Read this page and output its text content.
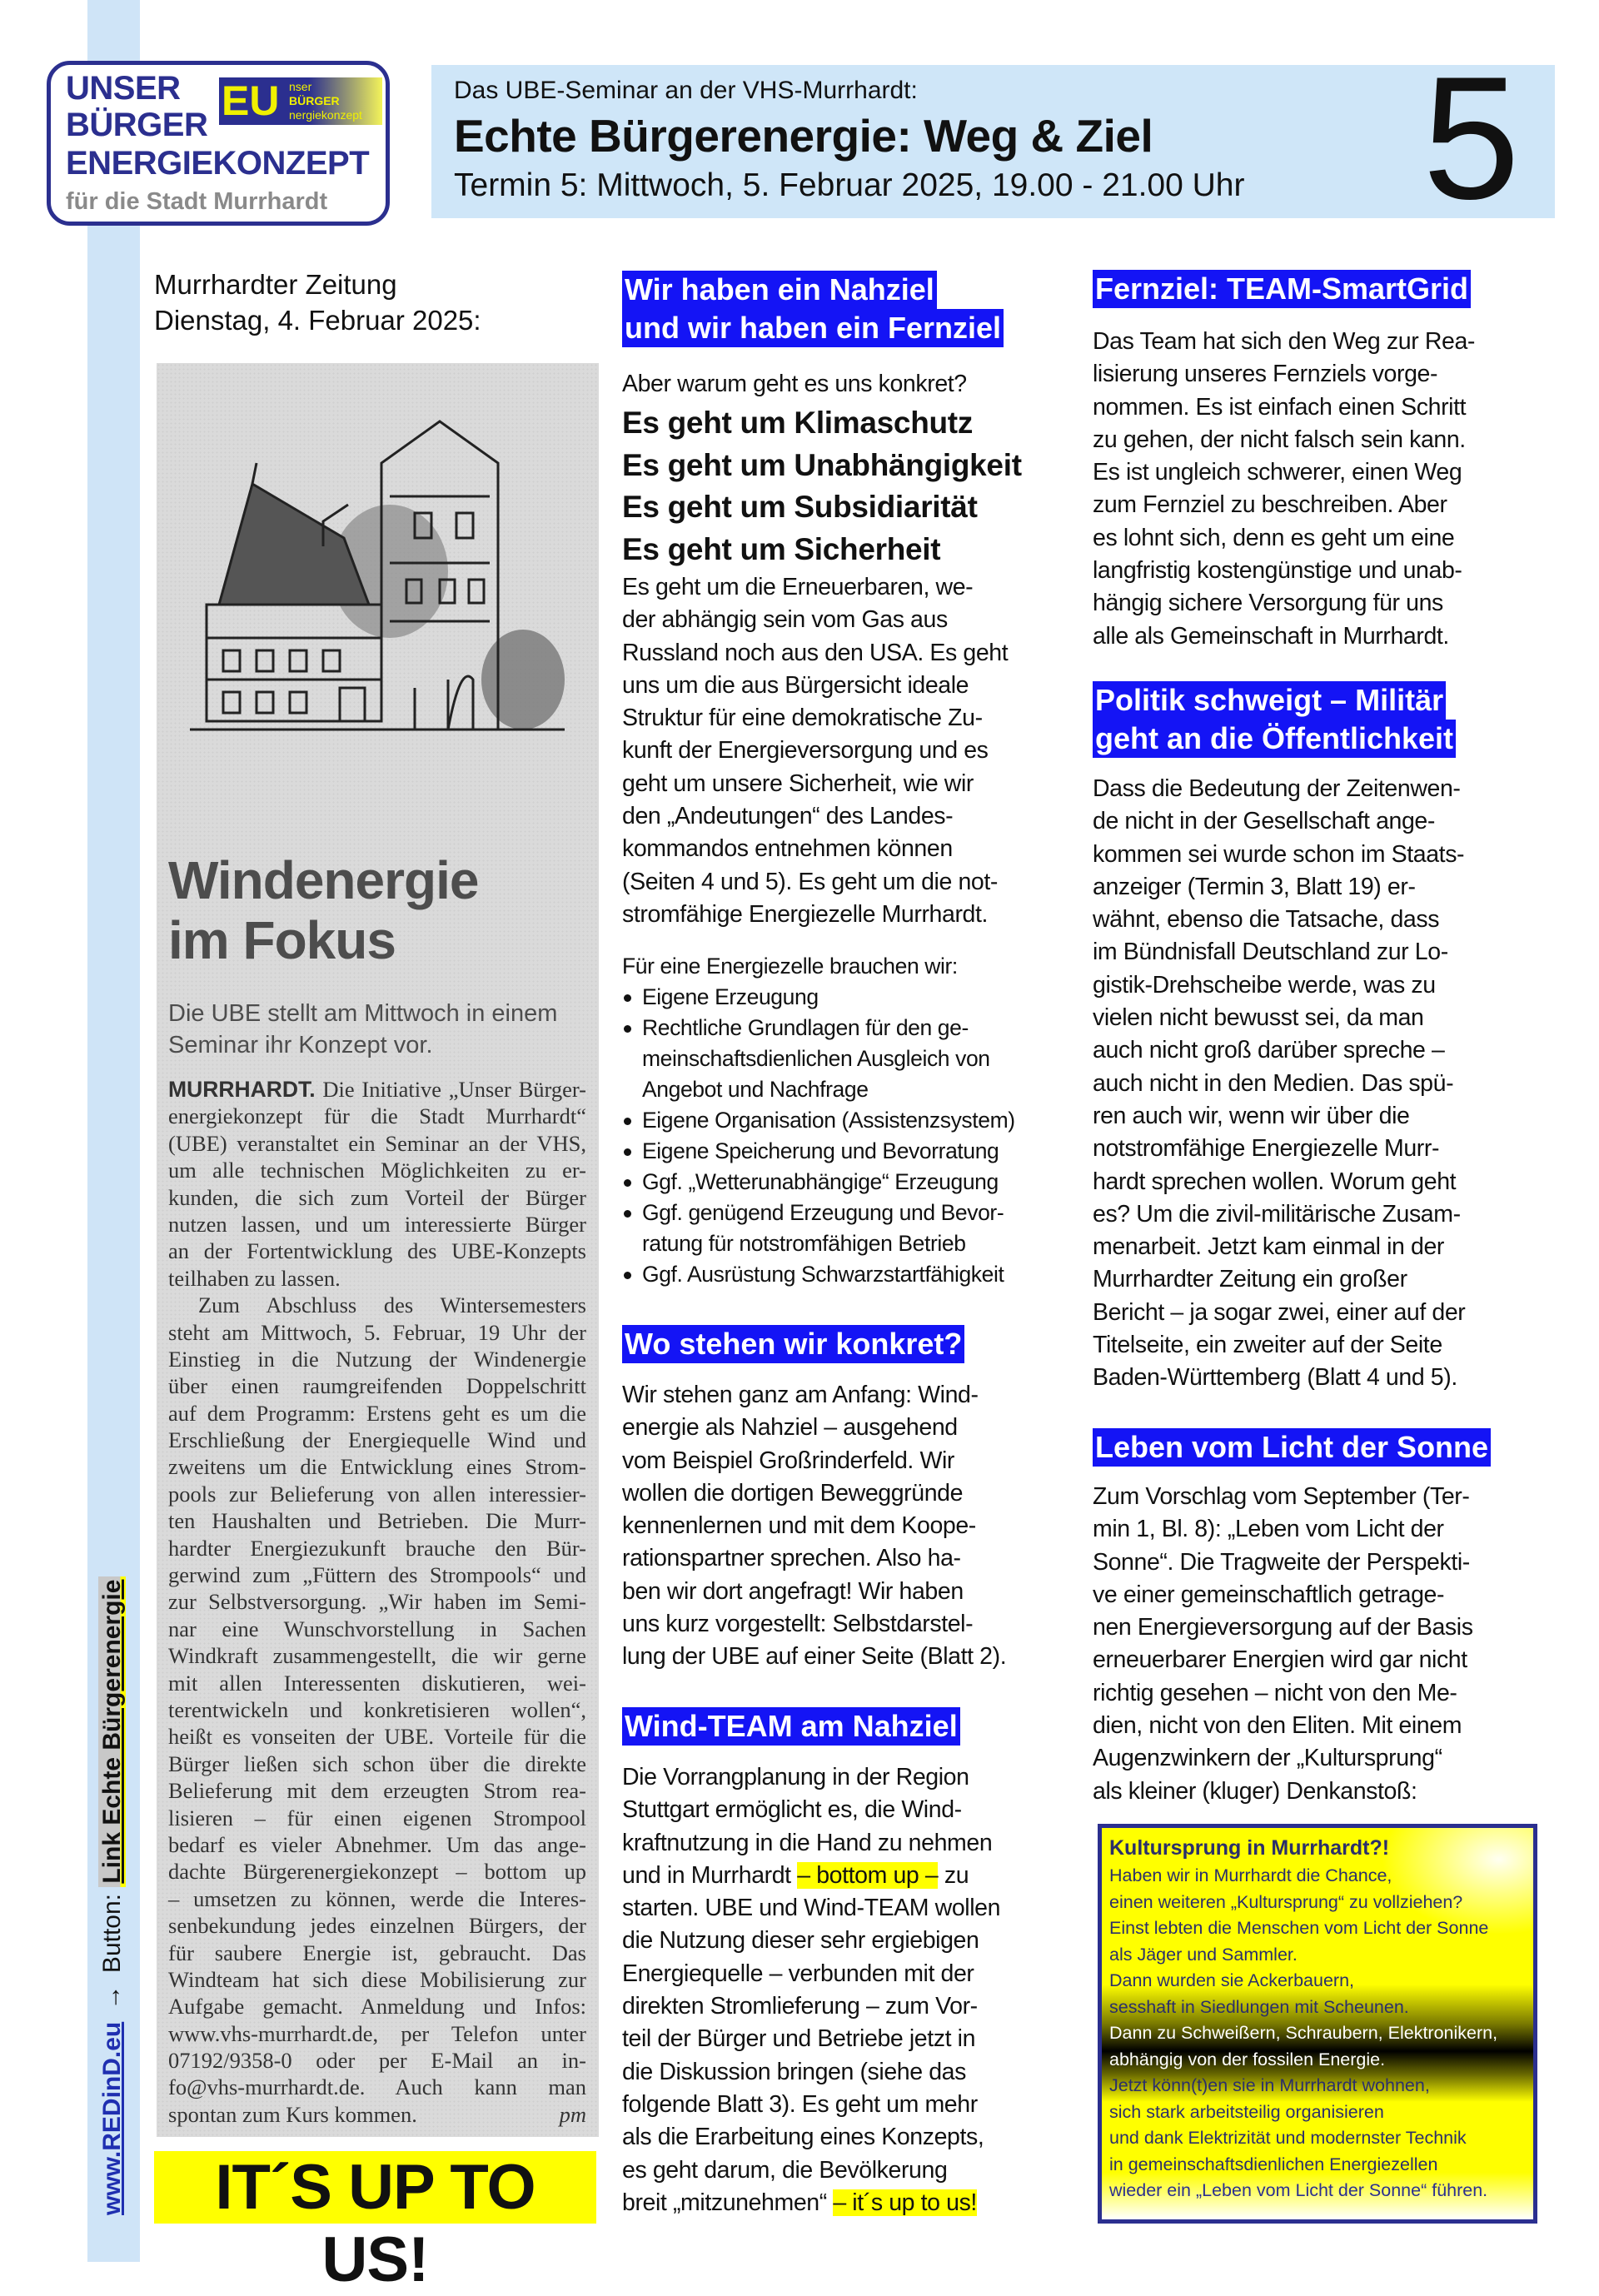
UNSER
BÜRGER
ENERGIEKONZEPT
für die Stadt Murrhardt
EU nser
BÜRGER
nergiekonzept
Das UBE-Seminar an der VHS-Murrhardt:
Echte Bürgerenergie: Weg & Ziel
Termin 5: Mittwoch, 5. Februar 2025, 19.00 - 21.00 Uhr 5
Murrhardter Zeitung
Dienstag, 4. Februar 2025:
Windenergie
im Fokus
Die UBE stellt am Mittwoch in einem
Seminar ihr Konzept vor.
MURRHARDT. Die Initiative „Unser Bürger-
energiekonzept für die Stadt Murrhardt“
(UBE) veranstaltet ein Seminar an der VHS,
um alle technischen Möglichkeiten zu er-
kunden, die sich zum Vorteil der Bürger
nutzen lassen, und um interessierte Bürger
an der Fortentwicklung des UBE-Konzepts
teilhaben zu lassen.
Zum Abschluss des Wintersemesters
steht am Mittwoch, 5. Februar, 19 Uhr der
Einstieg in die Nutzung der Windenergie
über einen raumgreifenden Doppelschritt
auf dem Programm: Erstens geht es um die
Erschließung der Energiequelle Wind und
zweitens um die Entwicklung eines Strom-
pools zur Belieferung von allen interessier-
ten Haushalten und Betrieben. Die Murr-
hardter Energiezukunft brauche den Bür-
gerwind zum „Füttern des Strompools“ und
zur Selbstversorgung. „Wir haben im Semi-
nar eine Wunschvorstellung in Sachen
Windkraft zusammengestellt, die wir gerne
mit allen Interessenten diskutieren, wei-
terentwickeln und konkretisieren wollen“,
heißt es vonseiten der UBE. Vorteile für die
Bürger ließen sich schon über die direkte
Belieferung mit dem erzeugten Strom rea-
lisieren – für einen eigenen Strompool
bedarf es vieler Abnehmer. Um das ange-
dachte Bürgerenergiekonzept – bottom up
– umsetzen zu können, werde die Interes-
senbekundung jedes einzelnen Bürgers, der
für saubere Energie ist, gebraucht. Das
Windteam hat sich diese Mobilisierung zur
Aufgabe gemacht. Anmeldung und Infos:
www.vhs-murrhardt.de, per Telefon unter
07192/9358-0 oder per E-Mail an in-
fo@vhs-murrhardt.de. Auch kann man
spontan zum Kurs kommen.	pm
IT´S UP TO US!
www.REDinD.eu → Button: Link Echte Bürgerenergie
Wir haben ein Nahziel
und wir haben ein Fernziel

Aber warum geht es uns konkret?
Es geht um Klimaschutz
Es geht um Unabhängigkeit
Es geht um Subsidiarität
Es geht um Sicherheit
Es geht um die Erneuerbaren, we-
der abhängig sein vom Gas aus
Russland noch aus den USA. Es geht
uns um die aus Bürgersicht ideale
Struktur für eine demokratische Zu-
kunft der Energieversorgung und es
geht um unsere Sicherheit, wie wir
den „Andeutungen“ des Landes-
kommandos entnehmen können
(Seiten 4 und 5). Es geht um die not-
stromfähige Energiezelle Murrhardt.
Für eine Energiezelle brauchen wir:
Eigene Erzeugung
Rechtliche Grundlagen für den ge-
meinschaftsdienlichen Ausgleich von
Angebot und Nachfrage
Eigene Organisation (Assistenzsystem)
Eigene Speicherung und Bevorratung
Ggf. „Wetterunabhängige“ Erzeugung
Ggf. genügend Erzeugung und Bevor-
ratung für notstromfähigen Betrieb
Ggf. Ausrüstung Schwarzstartfähigkeit
Wo stehen wir konkret?

Wir stehen ganz am Anfang: Wind-
energie als Nahziel – ausgehend
vom Beispiel Großrinderfeld. Wir
wollen die dortigen Beweggründe
kennenlernen und mit dem Koope-
rationspartner sprechen. Also ha-
ben wir dort angefragt! Wir haben
uns kurz vorgestellt: Selbstdarstel-
lung der UBE auf einer Seite (Blatt 2).
Wind-TEAM am Nahziel

Die Vorrangplanung in der Region
Stuttgart ermöglicht es, die Wind-
kraftnutzung in die Hand zu nehmen
und in Murrhardt – bottom up – zu
starten. UBE und Wind-TEAM wollen
die Nutzung dieser sehr ergiebigen
Energiequelle – verbunden mit der
direkten Stromlieferung – zum Vor-
teil der Bürger und Betriebe jetzt in
die Diskussion bringen (siehe das
folgende Blatt 3). Es geht um mehr
als die Erarbeitung eines Konzepts,
es geht darum, die Bevölkerung
breit „mitzunehmen“ – it´s up to us!
Fernziel: TEAM-SmartGrid

Das Team hat sich den Weg zur Rea-
lisierung unseres Fernziels vorge-
nommen. Es ist einfach einen Schritt
zu gehen, der nicht falsch sein kann.
Es ist ungleich schwerer, einen Weg
zum Fernziel zu beschreiben. Aber
es lohnt sich, denn es geht um eine
langfristig kostengünstige und unab-
hängig sichere Versorgung für uns
alle als Gemeinschaft in Murrhardt.
Politik schweigt – Militär
geht an die Öffentlichkeit

Dass die Bedeutung der Zeitenwen-
de nicht in der Gesellschaft ange-
kommen sei wurde schon im Staats-
anzeiger (Termin 3, Blatt 19) er-
wähnt, ebenso die Tatsache, dass
im Bündnisfall Deutschland zur Lo-
gistik-Drehscheibe werde, was zu
vielen nicht bewusst sei, da man
auch nicht groß darüber spreche –
auch nicht in den Medien. Das spü-
ren auch wir, wenn wir über die
notstromfähige Energiezelle Murr-
hardt sprechen wollen. Worum geht
es? Um die zivil-militärische Zusam-
menarbeit. Jetzt kam einmal in der
Murrhardter Zeitung ein großer
Bericht – ja sogar zwei, einer auf der
Titelseite, ein zweiter auf der Seite
Baden-Württemberg (Blatt 4 und 5).
Leben vom Licht der Sonne

Zum Vorschlag vom September (Ter-
min 1, Bl. 8): „Leben vom Licht der
Sonne“. Die Tragweite der Perspekti-
ve einer gemeinschaftlich getrage-
nen Energieversorgung auf der Basis
erneuerbarer Energien wird gar nicht
richtig gesehen – nicht von den Me-
dien, nicht von den Eliten. Mit einem
Augenzwinkern der „Kultursprung“
als kleiner (kluger) Denkanstoß:
Kultursprung in Murrhardt?!
Haben wir in Murrhardt die Chance,
einen weiteren „Kultursprung“ zu vollziehen?
Einst lebten die Menschen vom Licht der Sonne
als Jäger und Sammler.
Dann wurden sie Ackerbauern,
sesshaft in Siedlungen mit Scheunen.
Dann zu Schweißern, Schraubern, Elektronikern,
abhängig von der fossilen Energie.
Jetzt könn(t)en sie in Murrhardt wohnen,
sich stark arbeitsteilig organisieren
und dank Elektrizität und modernster Technik
in gemeinschaftsdienlichen Energiezellen
wieder ein „Leben vom Licht der Sonne“ führen.
